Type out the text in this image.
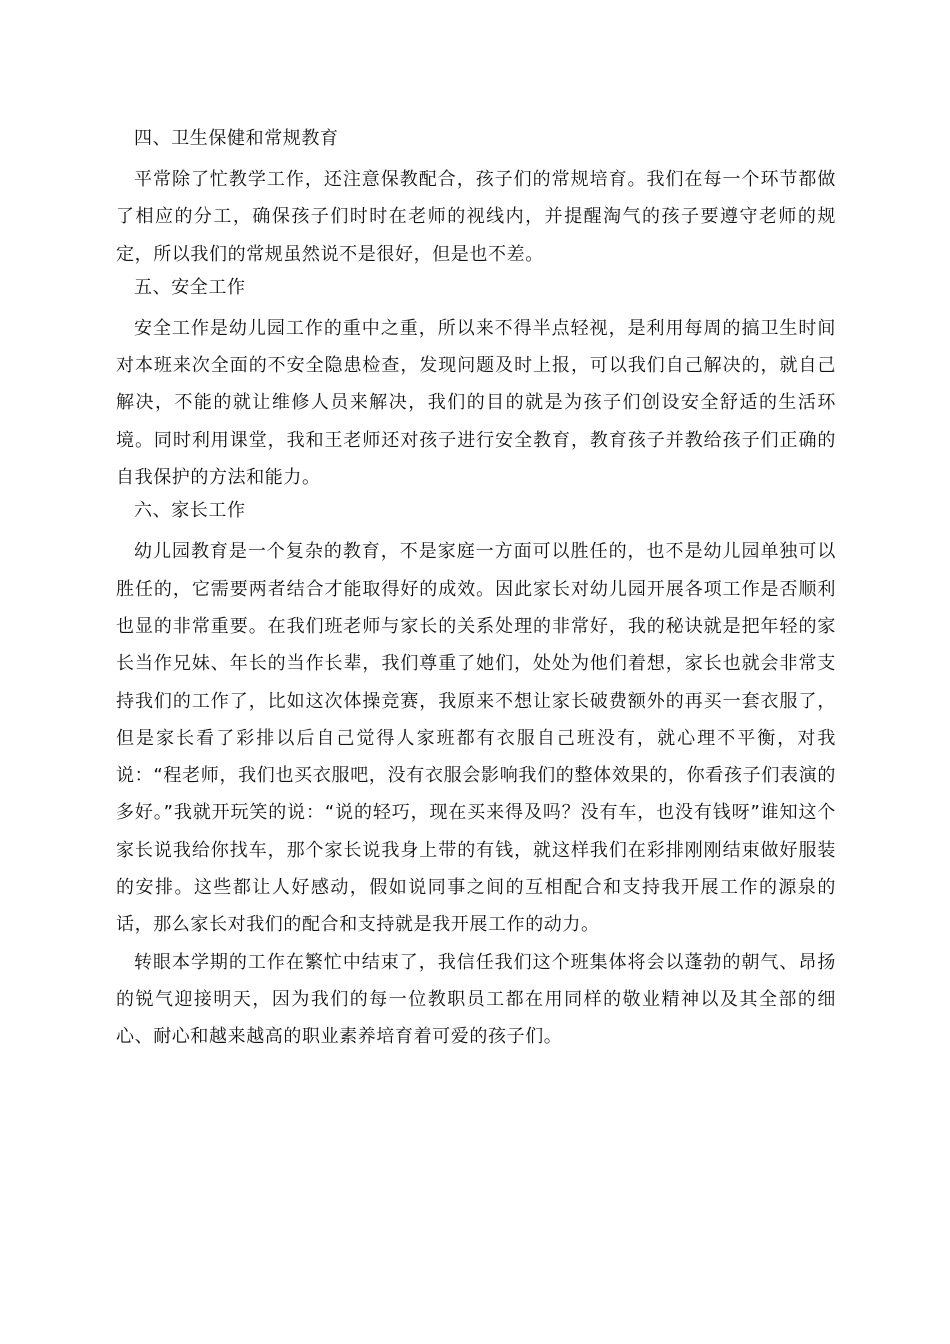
四、卫生保健和常规教育

平常除了忙教学工作，还注意保教配合，孩子们的常规培育。我们在每一个环节都做了相应的分工，确保孩子们时时在老师的视线内，并提醒淘气的孩子要遵守老师的规定，所以我们的常规虽然说不是很好，但是也不差。

五、安全工作

安全工作是幼儿园工作的重中之重，所以来不得半点轻视，是利用每周的搞卫生时间对本班来次全面的不安全隐患检查，发现问题及时上报，可以我们自己解决的，就自己解决，不能的就让维修人员来解决，我们的目的就是为孩子们创设安全舒适的生活环境。同时利用课堂，我和王老师还对孩子进行安全教育，教育孩子并教给孩子们正确的自我保护的方法和能力。

六、家长工作

幼儿园教育是一个复杂的教育，不是家庭一方面可以胜任的，也不是幼儿园单独可以胜任的，它需要两者结合才能取得好的成效。因此家长对幼儿园开展各项工作是否顺利也显的非常重要。在我们班老师与家长的关系处理的非常好，我的秘诀就是把年轻的家长当作兄妹、年长的当作长辈，我们尊重了她们，处处为他们着想，家长也就会非常支持我们的工作了，比如这次体操竞赛，我原来不想让家长破费额外的再买一套衣服了，但是家长看了彩排以后自己觉得人家班都有衣服自己班没有，就心理不平衡，对我说：“程老师，我们也买衣服吧，没有衣服会影响我们的整体效果的，你看孩子们表演的多好。”我就开玩笑的说：“说的轻巧，现在买来得及吗？没有车，也没有钱呀”谁知这个家长说我给你找车，那个家长说我身上带的有钱，就这样我们在彩排刚刚结束做好服装的安排。这些都让人好感动，假如说同事之间的互相配合和支持我开展工作的源泉的话，那么家长对我们的配合和支持就是我开展工作的动力。

转眼本学期的工作在繁忙中结束了，我信任我们这个班集体将会以蓬勃的朝气、昂扬的锐气迎接明天，因为我们的每一位教职员工都在用同样的敬业精神以及其全部的细心、耐心和越来越高的职业素养培育着可爱的孩子们。
